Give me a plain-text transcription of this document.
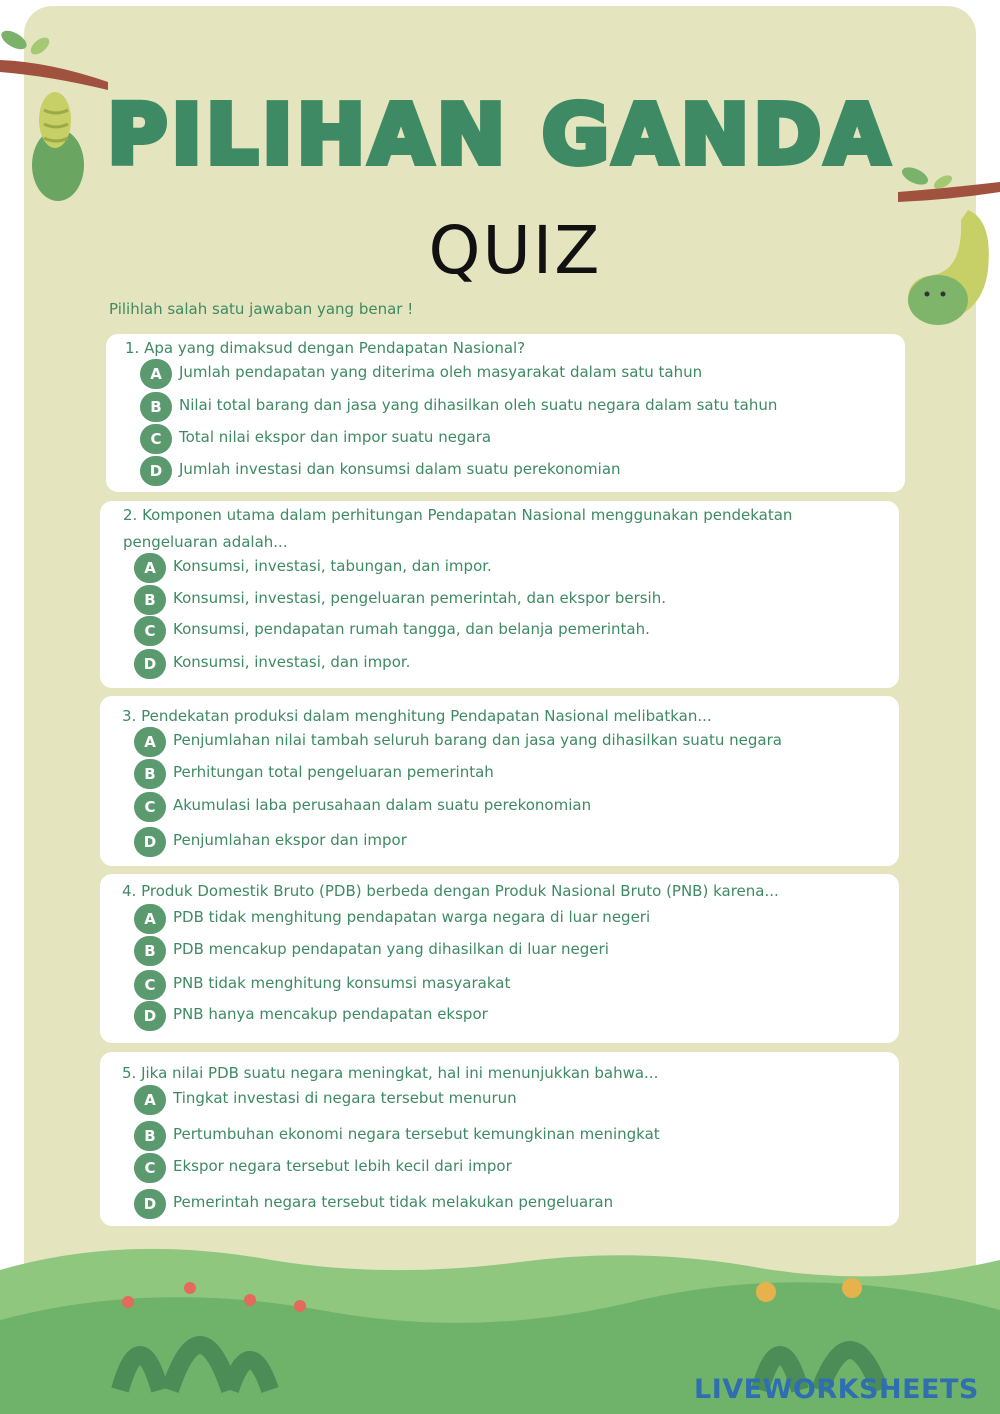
PILIHAN GANDA
QUIZ
Pilihlah salah satu jawaban yang benar !
1. Apa yang dimaksud dengan Pendapatan Nasional?
A	Jumlah pendapatan yang diterima oleh masyarakat dalam satu tahun
B	Nilai total barang dan jasa yang dihasilkan oleh suatu negara dalam satu tahun
C	Total nilai ekspor dan impor suatu negara
D	Jumlah investasi dan konsumsi dalam suatu perekonomian
2. Komponen utama dalam perhitungan Pendapatan Nasional menggunakan pendekatan pengeluaran adalah...
A	Konsumsi, investasi, tabungan, dan impor.
B	Konsumsi, investasi, pengeluaran pemerintah, dan ekspor bersih.
C	Konsumsi, pendapatan rumah tangga, dan belanja pemerintah.
D	Konsumsi, investasi, dan impor.
3. Pendekatan produksi dalam menghitung Pendapatan Nasional melibatkan...
A	Penjumlahan nilai tambah seluruh barang dan jasa yang dihasilkan suatu negara
B	Perhitungan total pengeluaran pemerintah
C	Akumulasi laba perusahaan dalam suatu perekonomian
D	Penjumlahan ekspor dan impor
4. Produk Domestik Bruto (PDB) berbeda dengan Produk Nasional Bruto (PNB) karena...
A	PDB tidak menghitung pendapatan warga negara di luar negeri
B	PDB mencakup pendapatan yang dihasilkan di luar negeri
C	PNB tidak menghitung konsumsi masyarakat
D	PNB hanya mencakup pendapatan ekspor
5. Jika nilai PDB suatu negara meningkat, hal ini menunjukkan bahwa...
A	Tingkat investasi di negara tersebut menurun
B	Pertumbuhan ekonomi negara tersebut kemungkinan meningkat
C	Ekspor negara tersebut lebih kecil dari impor
D	Pemerintah negara tersebut tidak melakukan pengeluaran
LIVEWORKSHEETS
